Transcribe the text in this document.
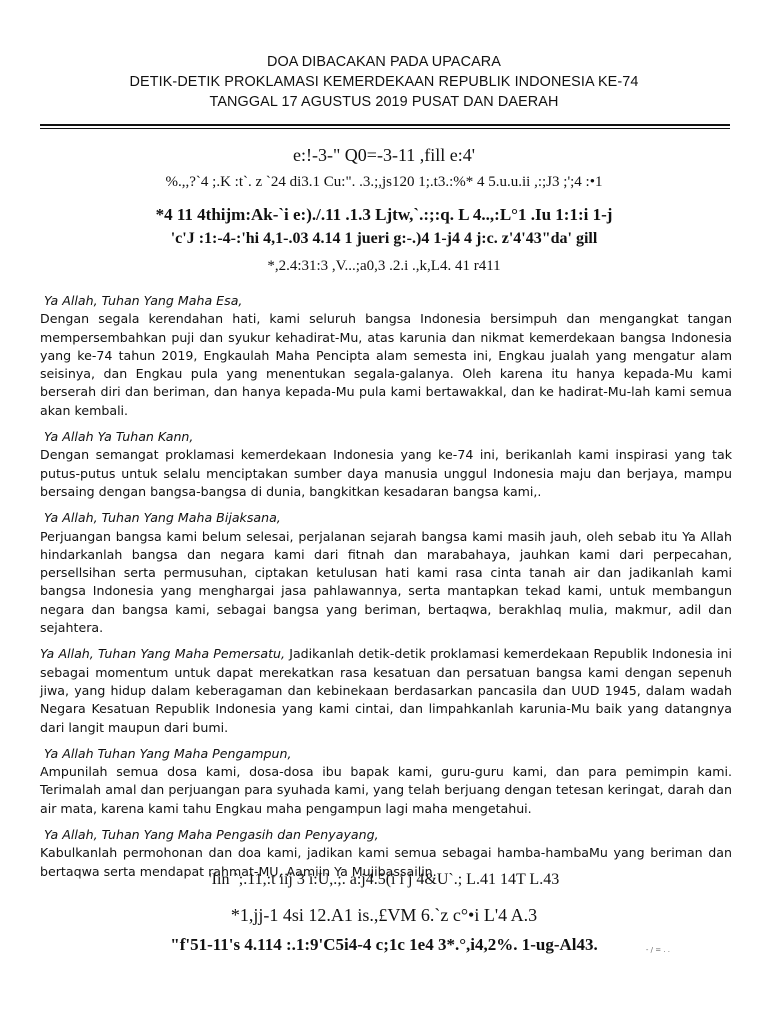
DOA DIBACAKAN PADA UPACARA
DETIK-DETIK PROKLAMASI KEMERDEKAAN REPUBLIK INDONESIA KE-74
TANGGAL 17 AGUSTUS 2019 PUSAT DAN DAERAH
e:!-3-" Q0=-3-11 ,fill e:4'
%.,,?`4 ;.K :t`. z `24 di3.1 Cu:". .3.;,js120 1;.t3.:%* 4 5.u.u.ii ,:;J3 ;';4 :•1
*4 11 4thijm:Ak-`i e:)./.11 .1.3 Ljtw,`.:;:q. L 4..,:L°1 .Iu 1:1:i 1-j
'c'J :1:-4-:'hi 4,1-.03 4.14 1 jueri g:-.)4 1-j4 4 j:c. z'4'43"da' gill
*,2.4:31:3 ,V...;a0,3 .2.i .,k,L4. 41 r411

Ya Allah, Tuhan Yang Maha Esa,

Dengan segala kerendahan hati, kami seluruh bangsa Indonesia bersimpuh dan mengangkat tangan mempersembahkan puji dan syukur kehadirat-Mu, atas karunia dan nikmat kemerdekaan bangsa Indonesia yang ke-74 tahun 2019, Engkaulah Maha Pencipta alam semesta ini, Engkau jualah yang mengatur alam seisinya, dan Engkau pula yang menentukan segala-galanya. Oleh karena itu hanya kepada-Mu kami berserah diri dan beriman, dan hanya kepada-Mu pula kami bertawakkal, dan ke hadirat-Mu-lah kami semua akan kembali.

Ya Allah Ya Tuhan Kann,

Dengan semangat proklamasi kemerdekaan Indonesia yang ke-74 ini, berikanlah kami inspirasi yang tak putus-putus untuk selalu menciptakan sumber daya manusia unggul Indonesia maju dan berjaya, mampu bersaing dengan bangsa-bangsa di dunia, bangkitkan kesadaran bangsa kami,.

Ya Allah, Tuhan Yang Maha Bijaksana,

Perjuangan bangsa kami belum selesai, perjalanan sejarah bangsa kami masih jauh, oleh sebab itu Ya Allah hindarkanlah bangsa dan negara kami dari fitnah dan marabahaya, jauhkan kami dari perpecahan, persellsihan serta permusuhan, ciptakan ketulusan hati kami rasa cinta tanah air dan jadikanlah kami bangsa Indonesia yang menghargai jasa pahlawannya, serta mantapkan tekad kami, untuk membangun negara dan bangsa kami, sebagai bangsa yang beriman, bertaqwa, berakhlaq mulia, makmur, adil dan sejahtera.

Ya Allah, Tuhan Yang Maha Pemersatu, Jadikanlah detik-detik proklamasi kemerdekaan Republik Indonesia ini sebagai momentum untuk dapat merekatkan rasa kesatuan dan persatuan bangsa kami dengan sepenuh jiwa, yang hidup dalam keberagaman dan kebinekaan berdasarkan pancasila dan UUD 1945, dalam wadah Negara Kesatuan Republik Indonesia yang kami cintai, dan limpahkanlah karunia-Mu baik yang datangnya dari langit maupun dari bumi.

Ya Allah Tuhan Yang Maha Pengampun,

Ampunilah semua dosa kami, dosa-dosa ibu bapak kami, guru-guru kami, dan para pemimpin kami. Terimalah amal dan perjuangan para syuhada kami, yang telah berjuang dengan tetesan keringat, darah dan air mata, karena kami tahu Engkau maha pengampun lagi maha mengetahui.

Ya Allah, Tuhan Yang Maha Pengasih dan Penyayang,

Kabulkanlah permohonan dan doa kami, jadikan kami semua sebagai hamba-hambaMu yang beriman dan bertaqwa serta mendapat rahmat-MU, Aamiin Ya Mujibassailin.

'Iin `;.11,:t iij 3 i:U,.;. a:j4.5(i i j 4&U`.; L.41 14T L.43
*1,jj-1 4si 12.A1 is.,£VM 6.`z c°•i L'4 A.3
"f'51-11's 4.114 :.1:9'C5i4-4 c;1c 1e4 3*.°,i4,2%. 1-ug-Al43.	- / = . .
